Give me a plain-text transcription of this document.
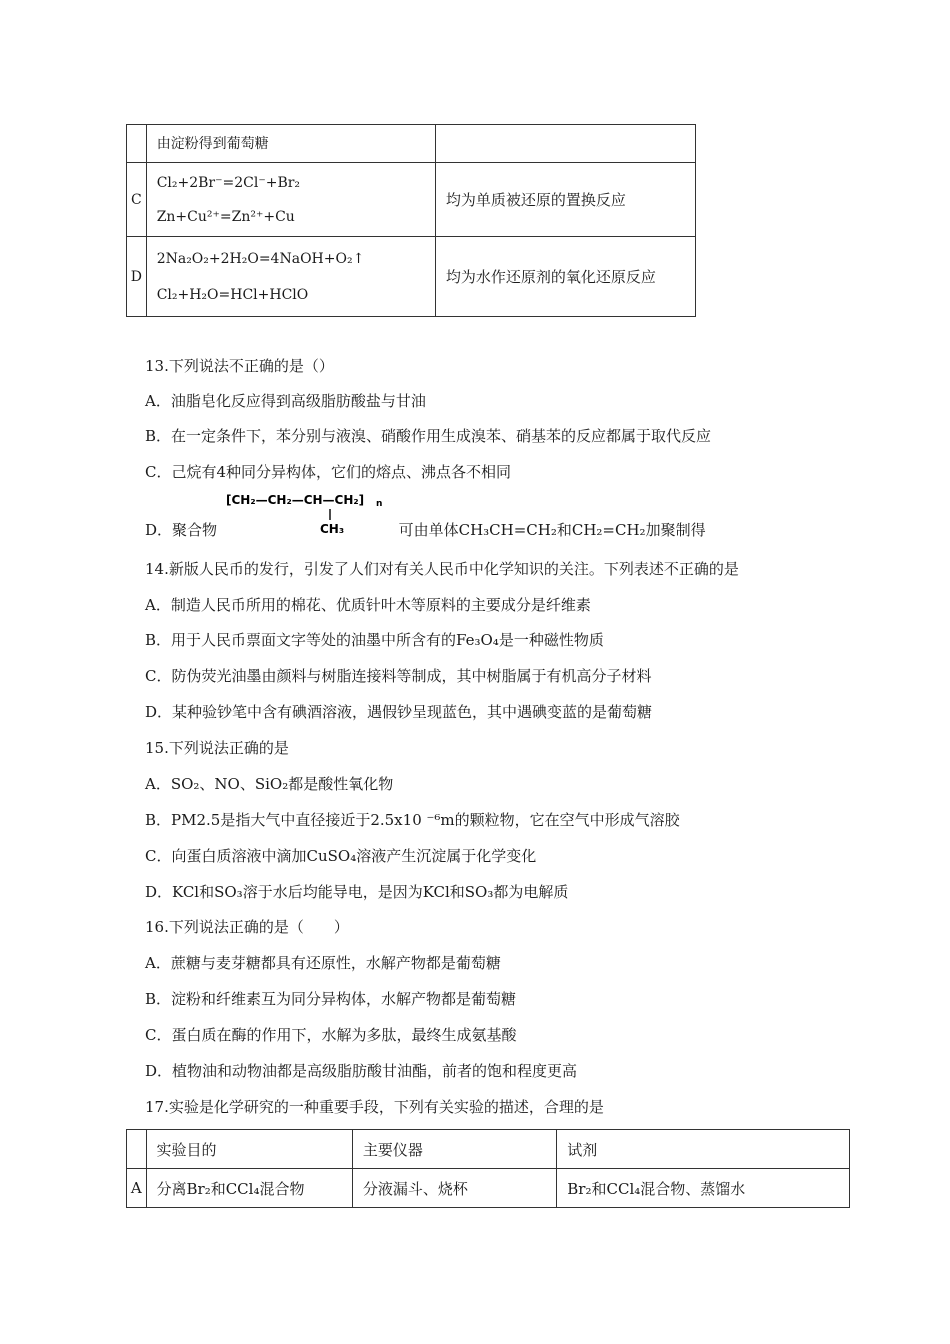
	由淀粉得到葡萄糖	

C	Cl₂+2Br⁻=2Cl⁻+Br₂
Zn+Cu²⁺=Zn²⁺+Cu	均为单质被还原的置换反应
D	2Na₂O₂+2H₂O=4NaOH+O₂↑
Cl₂+H₂O=HCl+HClO	均为水作还原剂的氧化还原反应
13.下列说法不正确的是（）
A．油脂皂化反应得到高级脂肪酸盐与甘油
B．在一定条件下，苯分别与液溴、硝酸作用生成溴苯、硝基苯的反应都属于取代反应
C．己烷有4种同分异构体，它们的熔点、沸点各不相同
D．聚合物
[CH₂—CH₂—CH—CH₂] n
CH₃	可由单体CH₃CH=CH₂和CH₂=CH₂加聚制得
14.新版人民币的发行，引发了人们对有关人民币中化学知识的关注。下列表述不正确的是
A．制造人民币所用的棉花、优质针叶木等原料的主要成分是纤维素
B．用于人民币票面文字等处的油墨中所含有的Fe₃O₄是一种磁性物质
C．防伪荧光油墨由颜料与树脂连接料等制成，其中树脂属于有机高分子材料
D．某种验钞笔中含有碘酒溶液，遇假钞呈现蓝色，其中遇碘变蓝的是葡萄糖
15.下列说法正确的是
A．SO₂、NO、SiO₂都是酸性氧化物
B．PM2.5是指大气中直径接近于2.5x10 ⁻⁶m的颗粒物，它在空气中形成气溶胶
C．向蛋白质溶液中滴加CuSO₄溶液产生沉淀属于化学变化
D．KCl和SO₃溶于水后均能导电，是因为KCl和SO₃都为电解质
16.下列说法正确的是（　　）
A．蔗糖与麦芽糖都具有还原性，水解产物都是葡萄糖
B．淀粉和纤维素互为同分异构体，水解产物都是葡萄糖
C．蛋白质在酶的作用下，水解为多肽，最终生成氨基酸
D．植物油和动物油都是高级脂肪酸甘油酯，前者的饱和程度更高
17.实验是化学研究的一种重要手段，下列有关实验的描述，合理的是
	实验目的	主要仪器	试剂
A	分离Br₂和CCl₄混合物	分液漏斗、烧杯	Br₂和CCl₄混合物、蒸馏水
